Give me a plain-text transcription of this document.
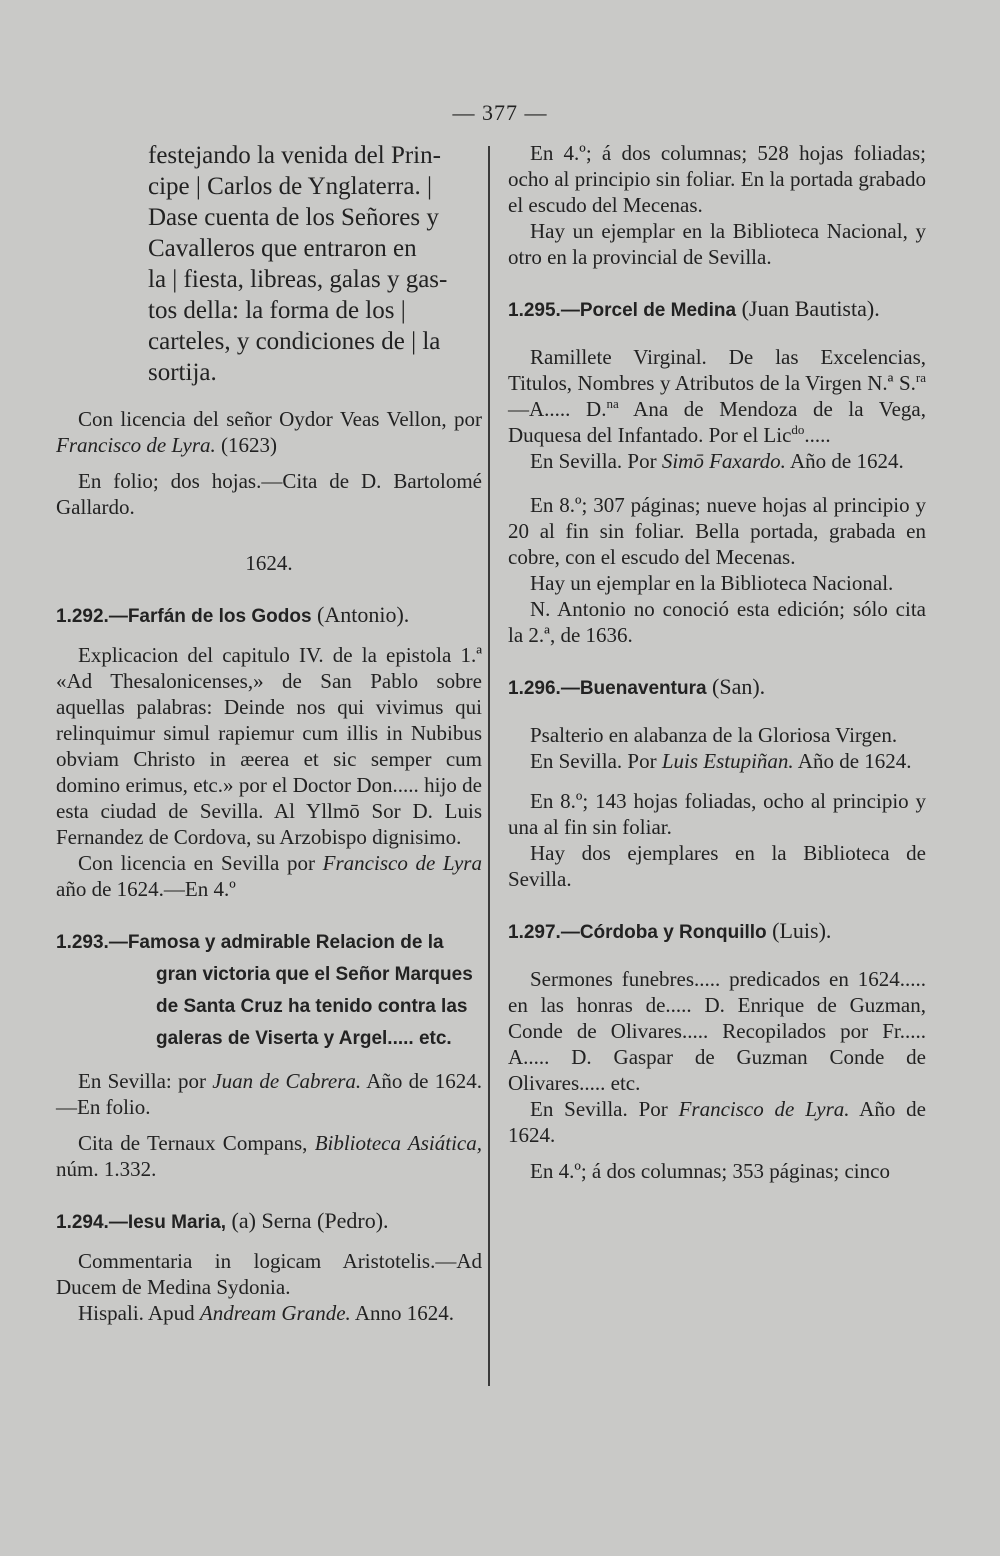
— 377 —
festejando la venida del Prin-
cipe | Carlos de Ynglaterra. |
Dase cuenta de los Señores y
Cavalleros que entraron en
la | fiesta, libreas, galas y gas-
tos della: la forma de los |
carteles, y condiciones de | la
sortija.

Con licencia del señor Oydor Veas Vellon, por Francisco de Lyra. (1623)

En folio; dos hojas.—Cita de D. Bartolomé Gallardo.

1624.
1.292.—Farfán de los Godos (Antonio).

Explicacion del capitulo IV. de la epistola 1.ª «Ad Thesalonicenses,» de San Pablo sobre aquellas palabras: Deinde nos qui vivimus qui relinquimur simul rapiemur cum illis in Nubibus obviam Christo in æerea et sic semper cum domino erimus, etc.» por el Doctor Don..... hijo de esta ciudad de Sevilla. Al Yllmō Sor D. Luis Fernandez de Cordova, su Arzobispo dignisimo.

Con licencia en Sevilla por Francisco de Lyra año de 1624.—En 4.º

1.293.—Famosa y admirable Relacion de la gran victoria que el Señor Marques de Santa Cruz ha tenido contra las galeras de Viserta y Argel..... etc.

En Sevilla: por Juan de Cabrera. Año de 1624.—En folio.

Cita de Ternaux Compans, Biblioteca Asiática, núm. 1.332.

1.294.—Iesu Maria, (a) Serna (Pedro).

Commentaria in logicam Aristotelis.—Ad Ducem de Medina Sydonia.

Hispali. Apud Andream Grande. Anno 1624.

En 4.º; á dos columnas; 528 hojas foliadas; ocho al principio sin foliar. En la portada grabado el escudo del Mecenas.

Hay un ejemplar en la Biblioteca Nacional, y otro en la provincial de Sevilla.

1.295.—Porcel de Medina (Juan Bautista).

Ramillete Virginal. De las Excelencias, Titulos, Nombres y Atributos de la Virgen N.ª S.$^{ra}$—A..... D.$^{na}$ Ana de Mendoza de la Vega, Duquesa del Infantado. Por el Lic$^{do}$.....

En Sevilla. Por Simō Faxardo. Año de 1624.

En 8.º; 307 páginas; nueve hojas al principio y 20 al fin sin foliar. Bella portada, grabada en cobre, con el escudo del Mecenas.

Hay un ejemplar en la Biblioteca Nacional.

N. Antonio no conoció esta edición; sólo cita la 2.ª, de 1636.

1.296.—Buenaventura (San).

Psalterio en alabanza de la Gloriosa Virgen.

En Sevilla. Por Luis Estupiñan. Año de 1624.

En 8.º; 143 hojas foliadas, ocho al principio y una al fin sin foliar.

Hay dos ejemplares en la Biblioteca de Sevilla.

1.297.—Córdoba y Ronquillo (Luis).

Sermones funebres..... predicados en 1624..... en las honras de..... D. Enrique de Guzman, Conde de Olivares..... Recopilados por Fr..... A..... D. Gaspar de Guzman Conde de Olivares..... etc.

En Sevilla. Por Francisco de Lyra. Año de 1624.

En 4.º; á dos columnas; 353 páginas; cinco
